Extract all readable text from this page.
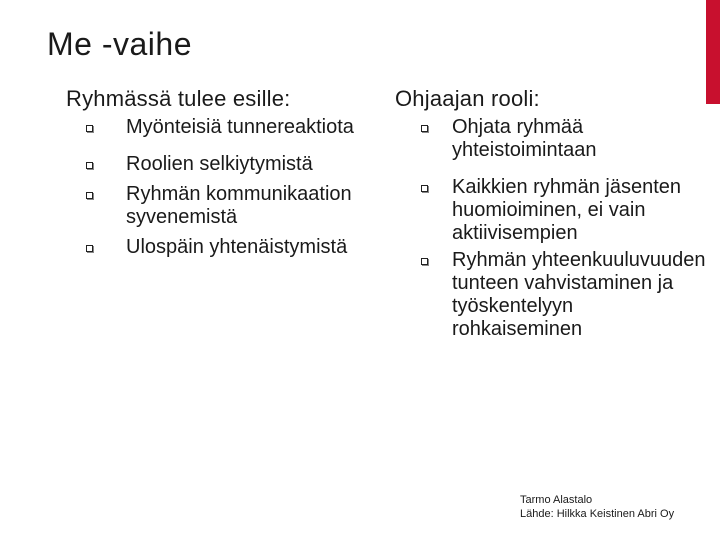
Me -vaihe
Ryhmässä tulee esille:
Myönteisiä tunnereaktiota
Roolien selkiytymistä
Ryhmän kommunikaation syvenemistä
Ulospäin yhtenäistymistä
Ohjaajan rooli:
Ohjata ryhmää yhteistoimintaan
Kaikkien ryhmän jäsenten huomioiminen, ei vain aktiivisempien
Ryhmän yhteenkuuluvuuden tunteen vahvistaminen ja työskentelyyn rohkaiseminen
Tarmo Alastalo
Lähde: Hilkka Keistinen Abri Oy
